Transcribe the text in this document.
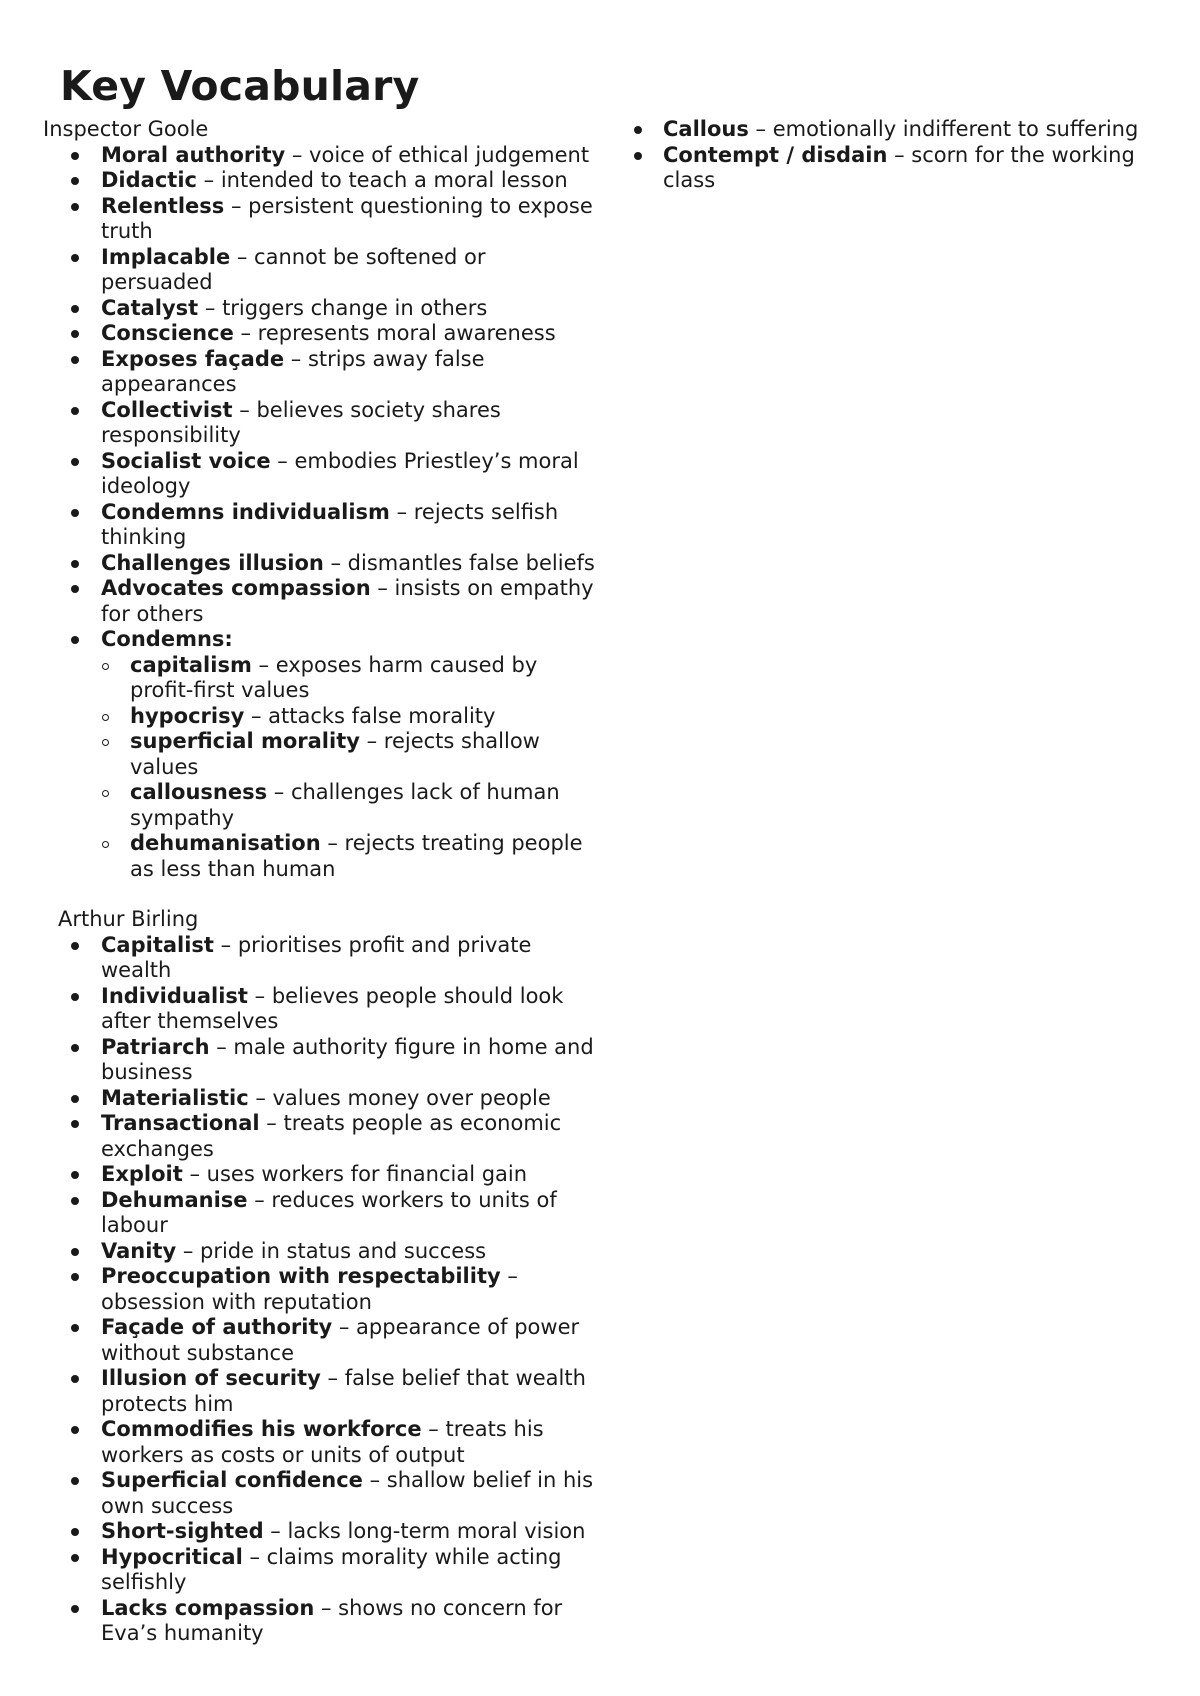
Key Vocabulary
Inspector Goole
Moral authority – voice of ethical judgement
Didactic – intended to teach a moral lesson
Relentless – persistent questioning to expose truth
Implacable – cannot be softened or persuaded
Catalyst – triggers change in others
Conscience – represents moral awareness
Exposes façade – strips away false appearances
Collectivist – believes society shares responsibility
Socialist voice – embodies Priestley’s moral ideology
Condemns individualism – rejects selfish thinking
Challenges illusion – dismantles false beliefs
Advocates compassion – insists on empathy for others
Condemns:
capitalism – exposes harm caused by profit-first values
hypocrisy – attacks false morality
superficial morality – rejects shallow values
callousness – challenges lack of human sympathy
dehumanisation – rejects treating people as less than human
Arthur Birling
Capitalist – prioritises profit and private wealth
Individualist – believes people should look after themselves
Patriarch – male authority figure in home and business
Materialistic – values money over people
Transactional – treats people as economic exchanges
Exploit – uses workers for financial gain
Dehumanise – reduces workers to units of labour
Vanity – pride in status and success
Preoccupation with respectability – obsession with reputation
Façade of authority – appearance of power without substance
Illusion of security – false belief that wealth protects him
Commodifies his workforce – treats his workers as costs or units of output
Superficial confidence – shallow belief in his own success
Short-sighted – lacks long-term moral vision
Hypocritical – claims morality while acting selfishly
Lacks compassion – shows no concern for Eva’s humanity
Callous – emotionally indifferent to suffering
Contempt / disdain – scorn for the working class
